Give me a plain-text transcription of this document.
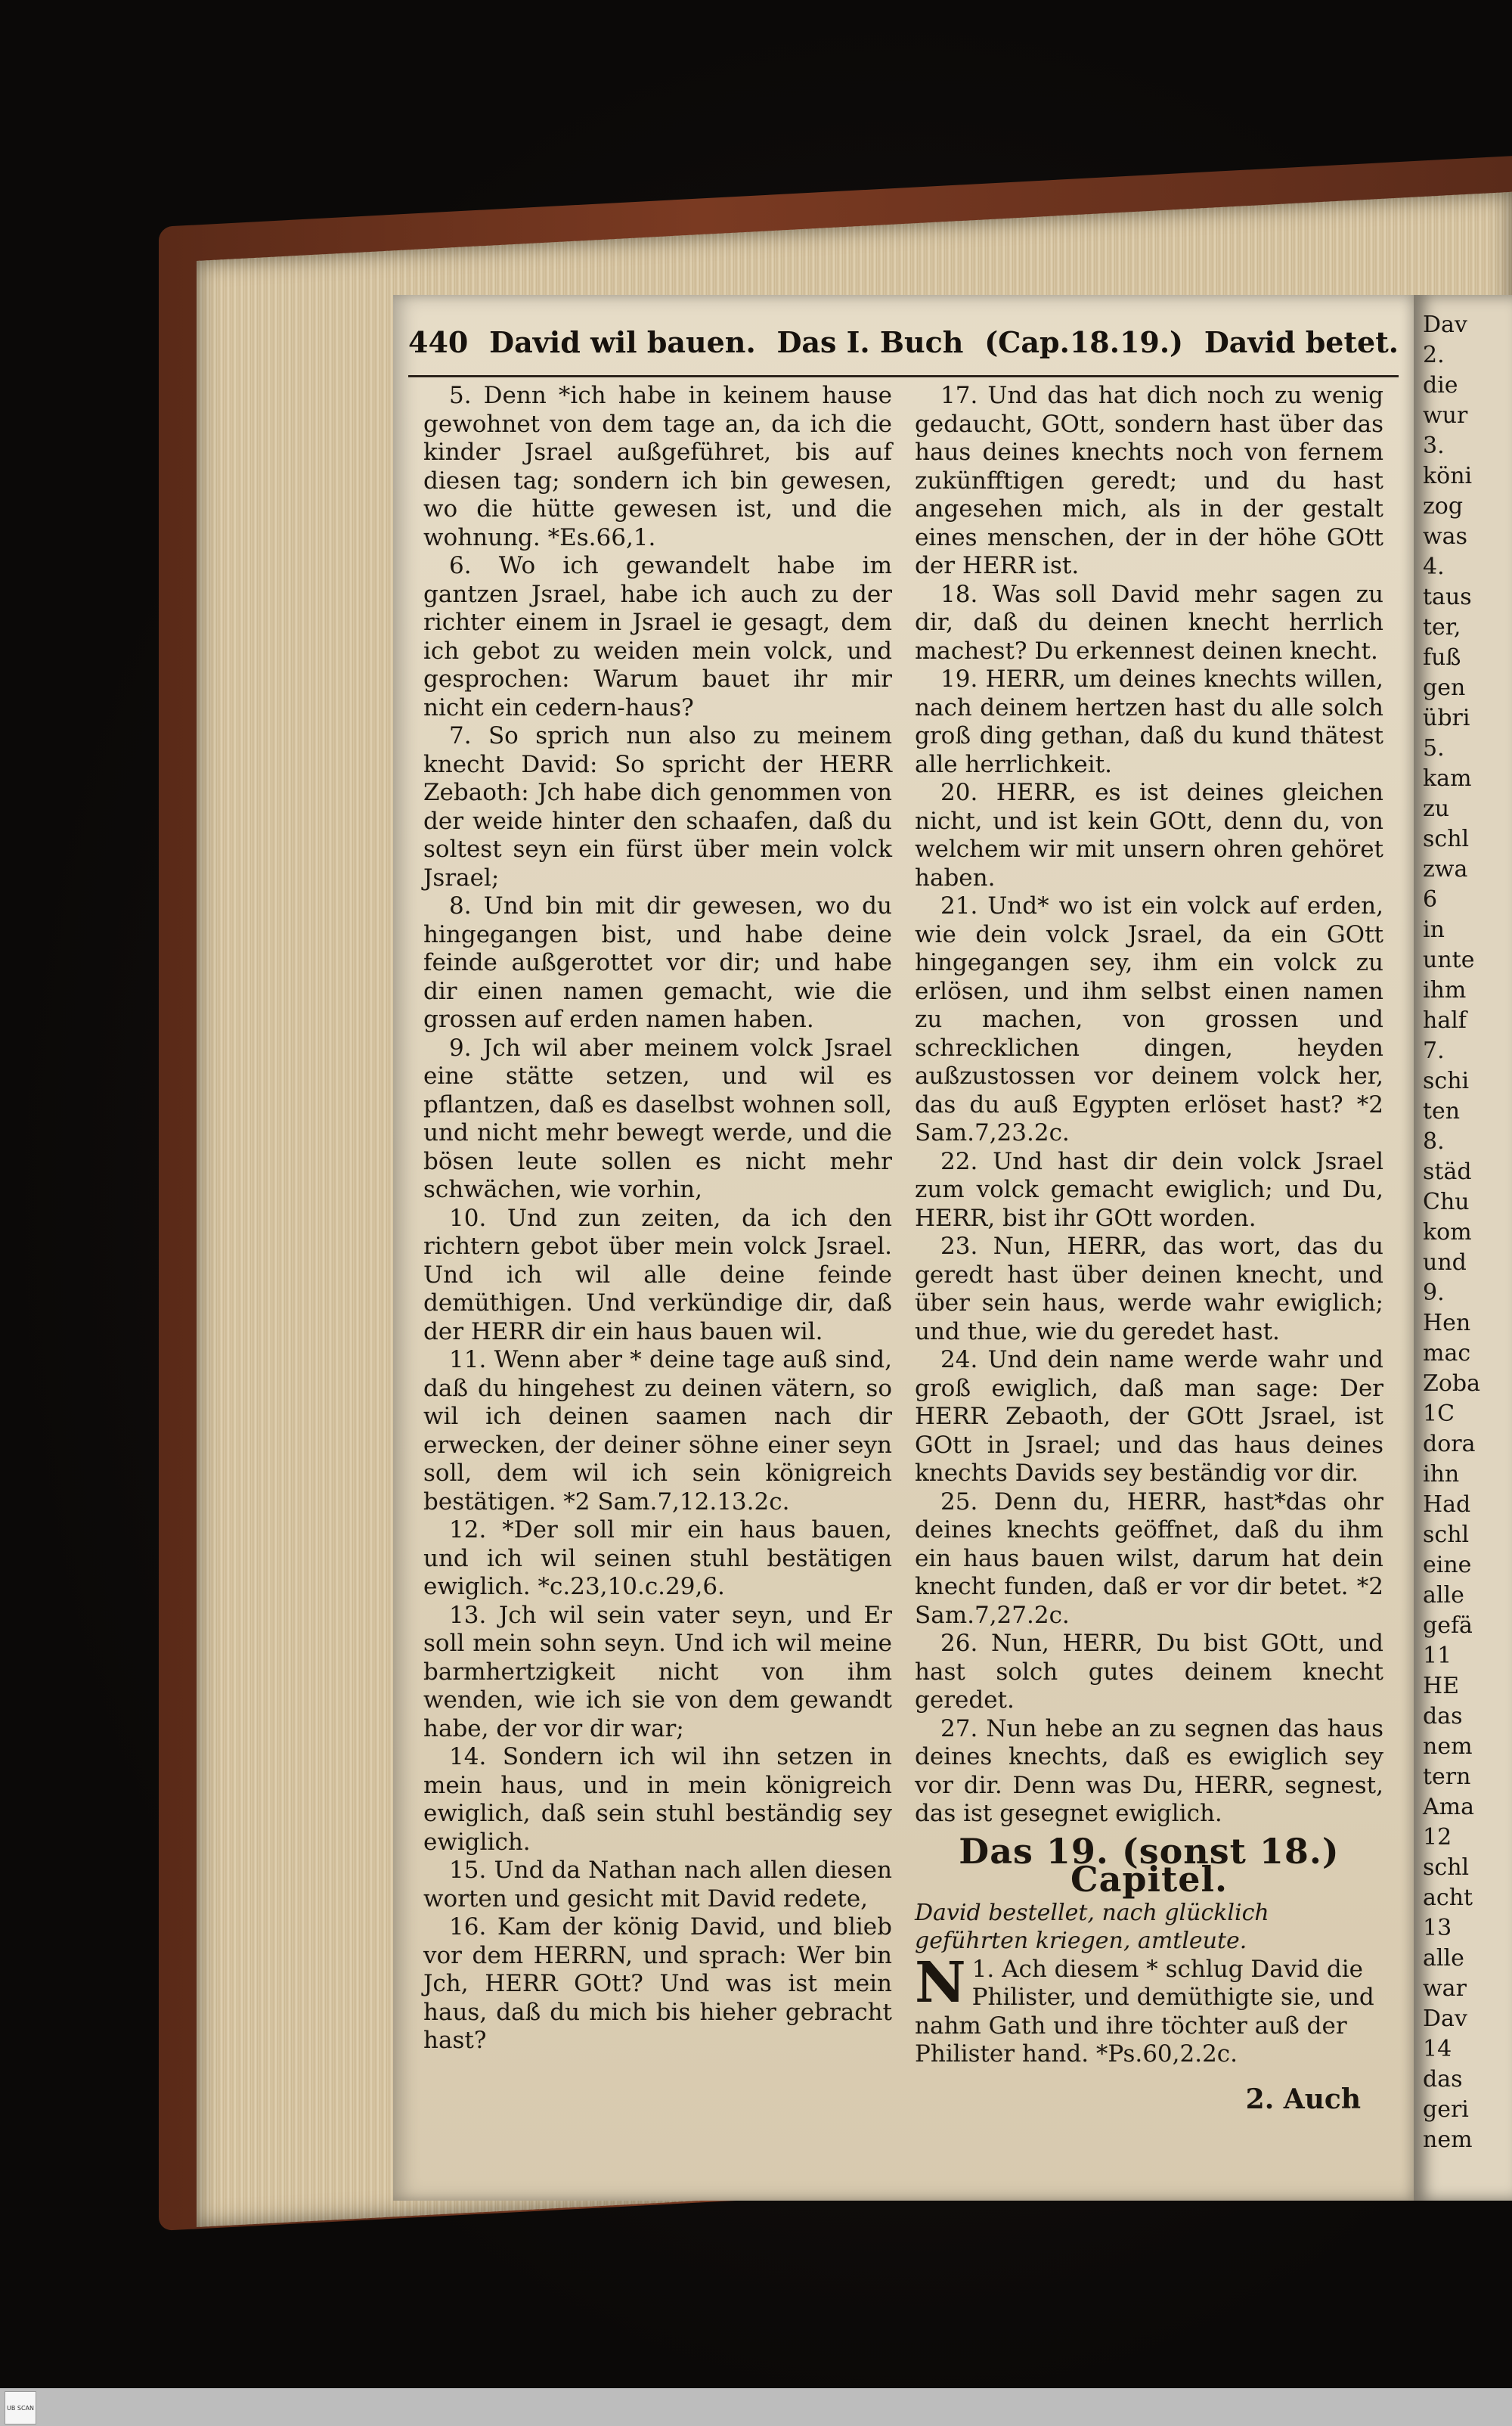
440 David wil bauen. Das I. Buch (Cap.18.19.) David betet.

5. Denn *ich habe in keinem hause gewohnet von dem tage an, da ich die kinder Jsrael außgeführet, bis auf diesen tag; sondern ich bin gewesen, wo die hütte gewesen ist, und die wohnung. *Es.66,1.

6. Wo ich gewandelt habe im gantzen Jsrael, habe ich auch zu der richter einem in Jsrael ie gesagt, dem ich gebot zu weiden mein volck, und gesprochen: Warum bauet ihr mir nicht ein cedern-haus?

7. So sprich nun also zu meinem knecht David: So spricht der HERR Zebaoth: Jch habe dich genommen von der weide hinter den schaafen, daß du soltest seyn ein fürst über mein volck Jsrael;

8. Und bin mit dir gewesen, wo du hingegangen bist, und habe deine feinde außgerottet vor dir; und habe dir einen namen gemacht, wie die grossen auf erden namen haben.

9. Jch wil aber meinem volck Jsrael eine stätte setzen, und wil es pflantzen, daß es daselbst wohnen soll, und nicht mehr bewegt werde, und die bösen leute sollen es nicht mehr schwächen, wie vorhin,

10. Und zun zeiten, da ich den richtern gebot über mein volck Jsrael. Und ich wil alle deine feinde demüthigen. Und verkündige dir, daß der HERR dir ein haus bauen wil.

11. Wenn aber * deine tage auß sind, daß du hingehest zu deinen vätern, so wil ich deinen saamen nach dir erwecken, der deiner söhne einer seyn soll, dem wil ich sein königreich bestätigen. *2 Sam.7,12.13.2c.

12. *Der soll mir ein haus bauen, und ich wil seinen stuhl bestätigen ewiglich. *c.23,10.c.29,6.

13. Jch wil sein vater seyn, und Er soll mein sohn seyn. Und ich wil meine barmhertzigkeit nicht von ihm wenden, wie ich sie von dem gewandt habe, der vor dir war;

14. Sondern ich wil ihn setzen in mein haus, und in mein königreich ewiglich, daß sein stuhl beständig sey ewiglich.

15. Und da Nathan nach allen diesen worten und gesicht mit David redete,

16. Kam der könig David, und blieb vor dem HERRN, und sprach: Wer bin Jch, HERR GOtt? Und was ist mein haus, daß du mich bis hieher gebracht hast?

17. Und das hat dich noch zu wenig gedaucht, GOtt, sondern hast über das haus deines knechts noch von fernem zukünfftigen geredt; und du hast angesehen mich, als in der gestalt eines menschen, der in der höhe GOtt der HERR ist.

18. Was soll David mehr sagen zu dir, daß du deinen knecht herrlich machest? Du erkennest deinen knecht.

19. HERR, um deines knechts willen, nach deinem hertzen hast du alle solch groß ding gethan, daß du kund thätest alle herrlichkeit.

20. HERR, es ist deines gleichen nicht, und ist kein GOtt, denn du, von welchem wir mit unsern ohren gehöret haben.

21. Und* wo ist ein volck auf erden, wie dein volck Jsrael, da ein GOtt hingegangen sey, ihm ein volck zu erlösen, und ihm selbst einen namen zu machen, von grossen und schrecklichen dingen, heyden außzustossen vor deinem volck her, das du auß Egypten erlöset hast? *2 Sam.7,23.2c.

22. Und hast dir dein volck Jsrael zum volck gemacht ewiglich; und Du, HERR, bist ihr GOtt worden.

23. Nun, HERR, das wort, das du geredt hast über deinen knecht, und über sein haus, werde wahr ewiglich; und thue, wie du geredet hast.

24. Und dein name werde wahr und groß ewiglich, daß man sage: Der HERR Zebaoth, der GOtt Jsrael, ist GOtt in Jsrael; und das haus deines knechts Davids sey beständig vor dir.

25. Denn du, HERR, hast*das ohr deines knechts geöffnet, daß du ihm ein haus bauen wilst, darum hat dein knecht funden, daß er vor dir betet. *2 Sam.7,27.2c.

26. Nun, HERR, Du bist GOtt, und hast solch gutes deinem knecht geredet.

27. Nun hebe an zu segnen das haus deines knechts, daß es ewiglich sey vor dir. Denn was Du, HERR, segnest, das ist gesegnet ewiglich.

Das 19. (sonst 18.) Capitel.

David bestellet, nach glücklich geführten kriegen, amtleute.

N 1. Ach diesem * schlug David die Philister, und demüthigte sie, und nahm Gath und ihre töchter auß der Philister hand. *Ps.60,2.2c.

2. Auch
Dav
2.
die
wur
3.
köni
zog
was
4.
taus
ter,
fuß
gen
übri
5.
kam
zu
schl
zwa
6
in
unte
ihm
half
7.
schi
ten
8.
städ
Chu
kom
und
9.
Hen
mac
Zoba
1C
dora
ihn
Had
schl
eine
alle
gefä
11
HE
das
nem
tern
Ama
12
schl
acht
13
alle
war
Dav
14
das
geri
nem
UB SCAN
